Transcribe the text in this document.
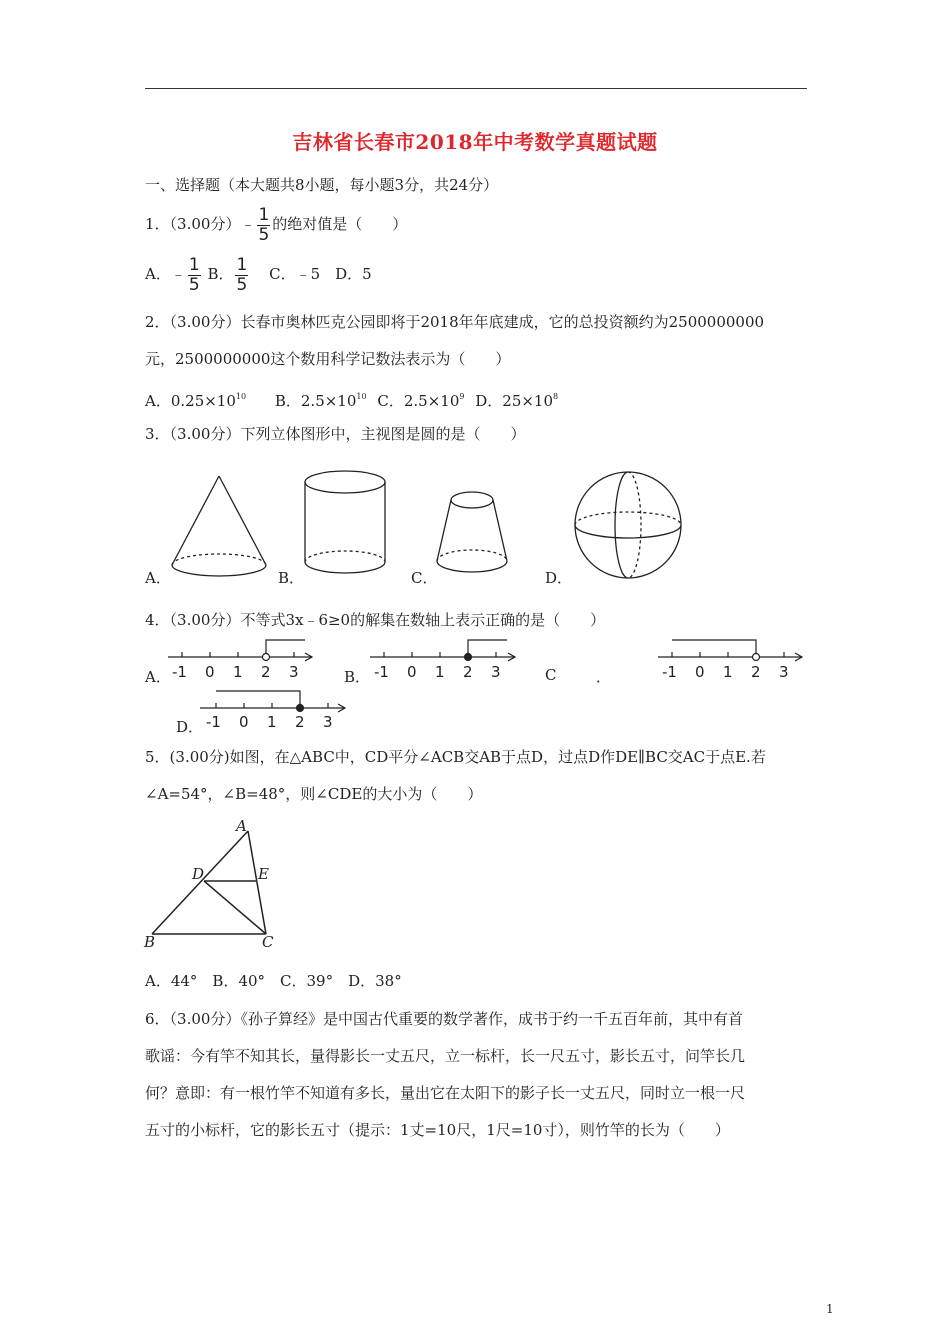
吉林省长春市2018年中考数学真题试题
一、选择题（本大题共8小题，每小题3分，共24分）
1．（3.00分）﹣ $\frac{1}{5}$ 的绝对值是（　　）
A．﹣ $\frac{1}{5}$ B． $\frac{1}{5}$ C．﹣5　D．5
2．（3.00分）长春市奥林匹克公园即将于2018年年底建成，它的总投资额约为2500000000
元，2500000000这个数用科学记数法表示为（　　）
A．$0.25\times 10^{10}$ B．$2.5\times 10^{10}$ C．$2.5\times 10^9$ D．$25\times 10^8$
3．（3.00分）下列立体图形中，主视图是圆的是（　　）
A．	B．	C．	D．
4．（3.00分）不等式3x﹣6≥0的解集在数轴上表示正确的是（　　）
-1 0 1 2 3	-1 0 1 2 3	-1 0 1 2 3
-1 0 1 2 3
A．	B．	C	．
D．
5．(3.00分)如图，在△ABC中，CD平分∠ACB交AB于点D，过点D作DE∥BC交AC于点E.若
∠A=54°，∠B=48°，则∠CDE的大小为（　　）
A
B	C
D	E
A．44°　B．40°　C．39°　D．38°
6．（3.00分）《孙子算经》是中国古代重要的数学著作，成书于约一千五百年前，其中有首
歌谣：今有竿不知其长，量得影长一丈五尺，立一标杆，长一尺五寸，影长五寸，问竿长几
何？意即：有一根竹竿不知道有多长，量出它在太阳下的影子长一丈五尺，同时立一根一尺
五寸的小标杆，它的影长五寸（提示：1丈=10尺，1尺=10寸），则竹竿的长为（　　）
1
